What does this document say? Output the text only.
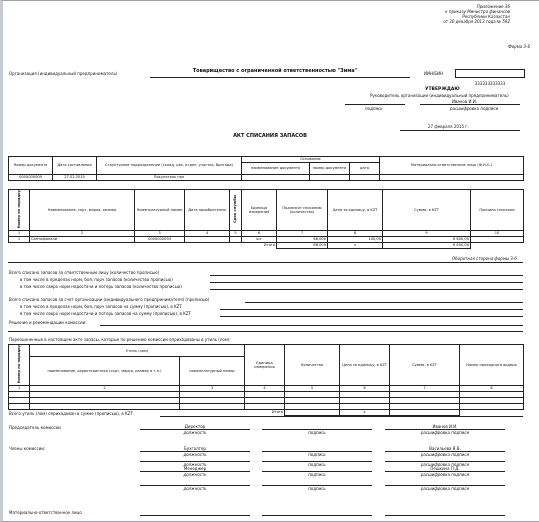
Приложение 36
к приказу Министра финансов
Республики Казахстан
от 30 декабря 2013 года № 592
Форма З-6
Организация (индивидуальный предприниматель)	Товарищество с ограниченной ответственностью "Зима"	ИИН/БИН
333333333333
УТВЕРЖДАЮ
Руководитель организации (индивидуальный предприниматель)
Иванов И.И.
подпись	расшифровка подписи
27 февраля 2015 г.
АКТ СПИСАНИЯ ЗАПАСОВ
Номер документа	Дата составления	Структурное подразделение (склад, цех, отдел, участок, бригада)	Основание			Материально-ответственное лицо (Ф.И.О.)
			наименование документа	номер документа	дата	
0000000009	27.02.2015	Покупатель нал				
Номер по порядку	Наименование, сорт, марка, размер	Номенклатурный номер	Дата приобретения	Срок службы	Единица измерения	Подлежит списанию (количество)	Цена за единицу, в KZT	Сумма, в KZT	Причина списания
1	2	3	4	5	6	7	8	9	10
1	Сантифинали	0000000094			шт	66,000	100,00	6 600,00	
Итого						66,000	x	6 600,00	
Оборотная сторона формы З-6
Всего списано запасов за ответственным лицу (количество прописью)
в том числе в пределах норм, боя, порч запасов (количество прописью)
в том числе сверх норм недостачи и потерь запасов (количество прописью)
Всего списано запасов за счет организации (индивидуального предпринимателя) (прописью)
в том числе в пределах норм, боя, порч запасов на сумму (прописью), в KZT
в том числе сверх норм недостачи и потерь запасов на сумму (прописью), в KZT
Решение и рекомендации комиссии:
Переоцененные в настоящем акте запасы, которые по решению комиссии оприходованы в утиль (лом):
Номер по порядку	Утиль (лом)		Единица измерения	Количество	Цена за единицу, в KZT	Сумма, в KZT	Номер приходного ордера
	наименование, характеристика (сорт, марка, размер и т.п.)	номенклатурный номер					
1	2	3	4	5	6	7	8

Итого					x		
Всего утиль (лом) оприходован в сумме (прописью), в KZT
Председатель комиссии
Члены комиссии:
Материально-ответственное лицо
Директор
должность	подпись
Иванов И.И.
расшифровка подписи
Бухгалтер
должность	подпись
Васильева В.В.
расшифровка подписи
должность	подпись	расшифровка подписи
Менеджер
должность	подпись
Пешкина П.Д.
расшифровка подписи
должность	подпись	расшифровка подписи
